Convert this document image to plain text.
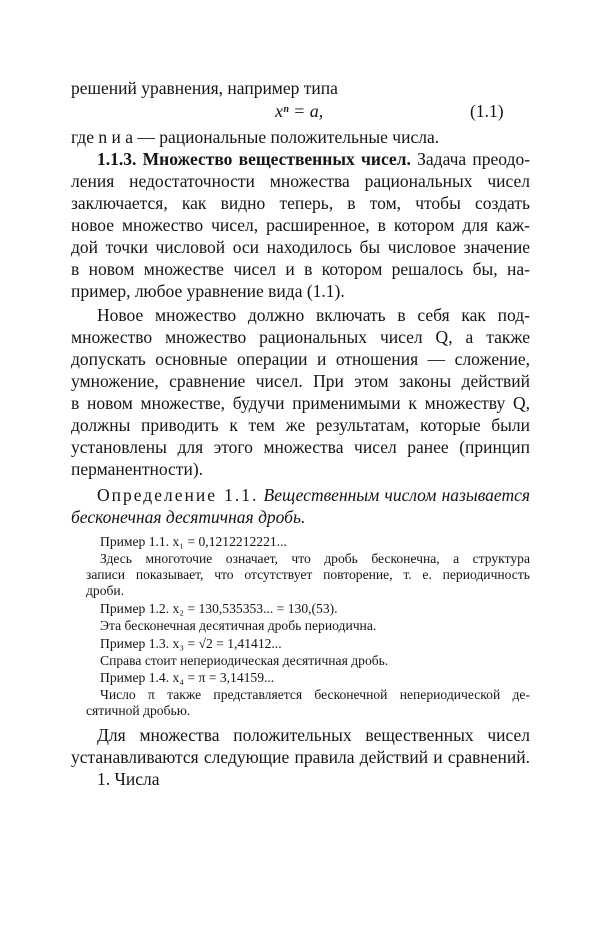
решений уравнения, например типа
xⁿ = a,	(1.1)
где n и a — рациональные положительные числа.
1.1.3. Множество вещественных чисел. Задача преодо-
ления недостаточности множества рациональных чисел
заключается, как видно теперь, в том, чтобы создать
новое множество чисел, расширенное, в котором для каж-
дой точки числовой оси находилось бы числовое значение
в новом множестве чисел и в котором решалось бы, на-
пример, любое уравнение вида (1.1).
Новое множество должно включать в себя как под-
множество множество рациональных чисел Q, а также
допускать основные операции и отношения — сложение,
умножение, сравнение чисел. При этом законы действий
в новом множестве, будучи применимыми к множеству Q,
должны приводить к тем же результатам, которые были
установлены для этого множества чисел ранее (принцип
перманентности).
Определение 1.1. Вещественным числом называется
бесконечная десятичная дробь.
Пример 1.1. x₁ = 0,1212212221...
Здесь многоточие означает, что дробь бесконечна, а структура
записи показывает, что отсутствует повторение, т. е. периодичность
дроби.
Пример 1.2. x₂ = 130,535353... = 130,(53).
Эта бесконечная десятичная дробь периодична.
Пример 1.3. x₃ = √2 = 1,41412...
Справа стоит непериодическая десятичная дробь.
Пример 1.4. x₄ = π = 3,14159...
Число π также представляется бесконечной непериодической де-
сятичной дробью.
Для множества положительных вещественных чисел
устанавливаются следующие правила действий и сравнений.
1. Числа
